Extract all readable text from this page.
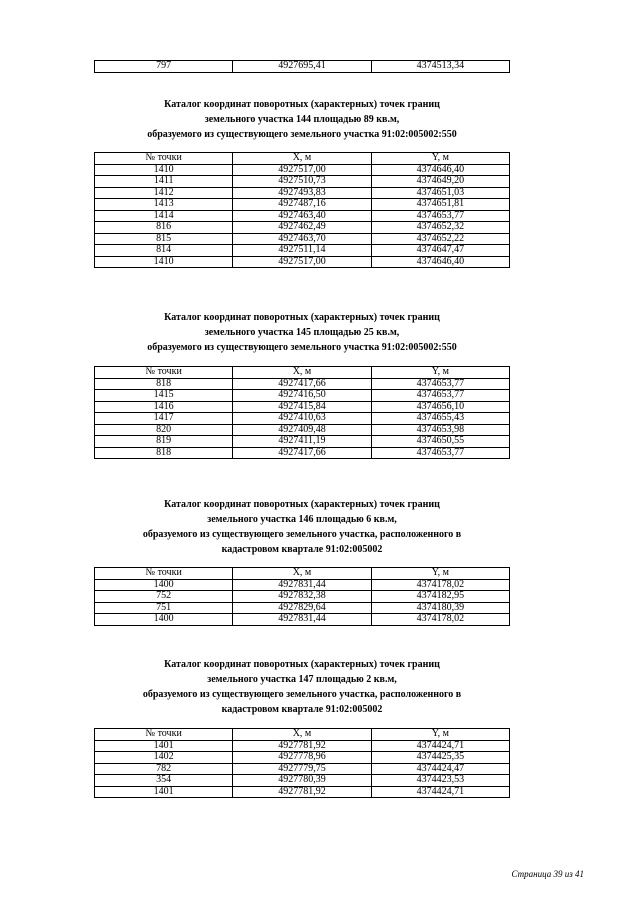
797	4927695,41	4374513,34
Каталог координат поворотных (характерных) точек границ
земельного участка 144 площадью 89 кв.м,
образуемого из существующего земельного участка 91:02:005002:550
№ точки	X, м	Y, м
1410	4927517,00	4374646,40
1411	4927510,73	4374649,20
1412	4927493,83	4374651,03
1413	4927487,16	4374651,81
1414	4927463,40	4374653,77
816	4927462,49	4374652,32
815	4927463,70	4374652,22
814	4927511,14	4374647,47
1410	4927517,00	4374646,40
Каталог координат поворотных (характерных) точек границ
земельного участка 145 площадью 25 кв.м,
образуемого из существующего земельного участка 91:02:005002:550
№ точки	X, м	Y, м
818	4927417,66	4374653,77
1415	4927416,50	4374653,77
1416	4927415,84	4374656,10
1417	4927410,63	4374655,43
820	4927409,48	4374653,98
819	4927411,19	4374650,55
818	4927417,66	4374653,77
Каталог координат поворотных (характерных) точек границ
земельного участка 146 площадью 6 кв.м,
образуемого из существующего земельного участка, расположенного в
кадастровом квартале 91:02:005002
№ точки	X, м	Y, м
1400	4927831,44	4374178,02
752	4927832,38	4374182,95
751	4927829,64	4374180,39
1400	4927831,44	4374178,02
Каталог координат поворотных (характерных) точек границ
земельного участка 147 площадью 2 кв.м,
образуемого из существующего земельного участка, расположенного в
кадастровом квартале 91:02:005002
№ точки	X, м	Y, м
1401	4927781,92	4374424,71
1402	4927778,96	4374425,35
782	4927779,75	4374424,47
354	4927780,39	4374423,53
1401	4927781,92	4374424,71
Страница 39 из 41
